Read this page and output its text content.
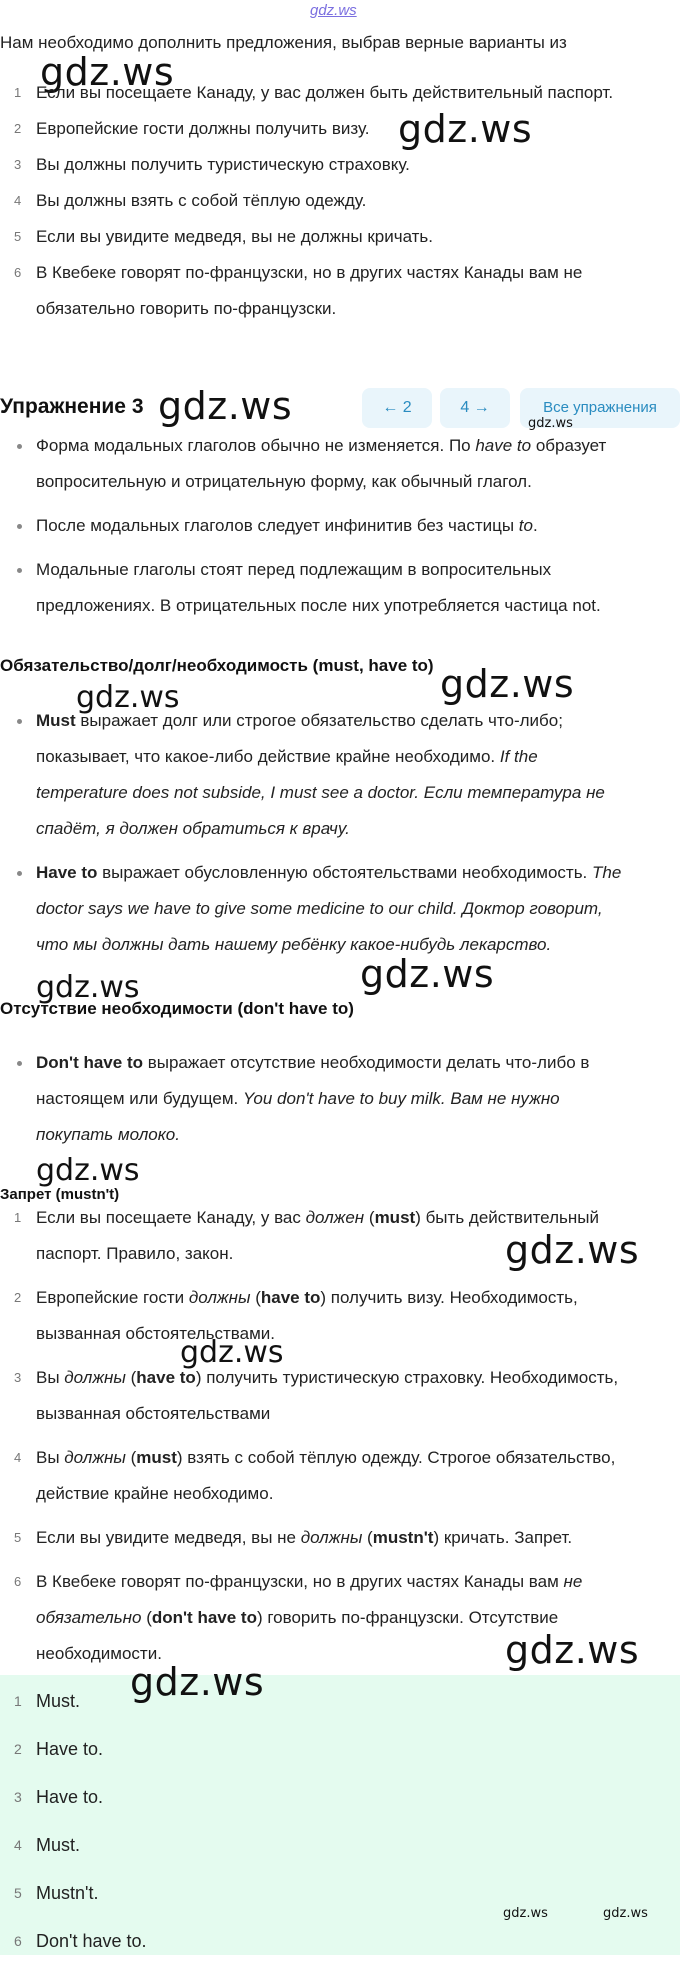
gdz.ws
Нам необходимо дополнить предложения, выбрав верные варианты из
gdz.ws
1 Если вы посещаете Канаду, у вас должен быть действительный паспорт.
2 Европейские гости должны получить визу.
3 Вы должны получить туристическую страховку.
4 Вы должны взять с собой тёплую одежду.
5 Если вы увидите медведя, вы не должны кричать.
6 В Квебеке говорят по-французски, но в других частях Канады вам не
обязательно говорить по-французски.
gdz.ws
Упражнение 3	← 2	4 →	Все упражнения
gdz.ws	gdz.ws
Форма модальных глаголов обычно не изменяется. По have to образует
вопросительную и отрицательную форму, как обычный глагол.
После модальных глаголов следует инфинитив без частицы to.
Модальные глаголы стоят перед подлежащим в вопросительных
предложениях. В отрицательных после них употребляется частица not.
Обязательство/долг/необходимость (must, have to) gdz.ws
gdz.ws
Must выражает долг или строгое обязательство сделать что-либо;
показывает, что какое-либо действие крайне необходимо. If the
temperature does not subside, I must see a doctor. Если температура не
спадёт, я должен обратиться к врачу.
Have to выражает обусловленную обстоятельствами необходимость. The
doctor says we have to give some medicine to our child. Доктор говорит,
что мы должны дать нашему ребёнку какое-нибудь лекарство.
gdz.ws
gdz.ws
Отсутствие необходимости (don't have to)
Don't have to выражает отсутствие необходимости делать что-либо в
настоящем или будущем. You don't have to buy milk. Вам не нужно
покупать молоко.
gdz.ws
Запрет (mustn't)
1 Если вы посещаете Канаду, у вас должен (must) быть действительный
паспорт. Правило, закон.
2 Европейские гости должны (have to) получить визу. Необходимость,
вызванная обстоятельствами.
3 Вы должны (have to) получить туристическую страховку. Необходимость,
вызванная обстоятельствами
4 Вы должны (must) взять с собой тёплую одежду. Строгое обязательство,
действие крайне необходимо.
5 Если вы увидите медведя, вы не должны (mustn't) кричать. Запрет.
6 В Квебеке говорят по-французски, но в других частях Канады вам не
обязательно (don't have to) говорить по-французски. Отсутствие
необходимости.
gdz.ws
gdz.ws
gdz.ws
1 Must.
2 Have to.
3 Have to.
4 Must.
5 Mustn't.
6 Don't have to.
gdz.ws
gdz.ws	gdz.ws
